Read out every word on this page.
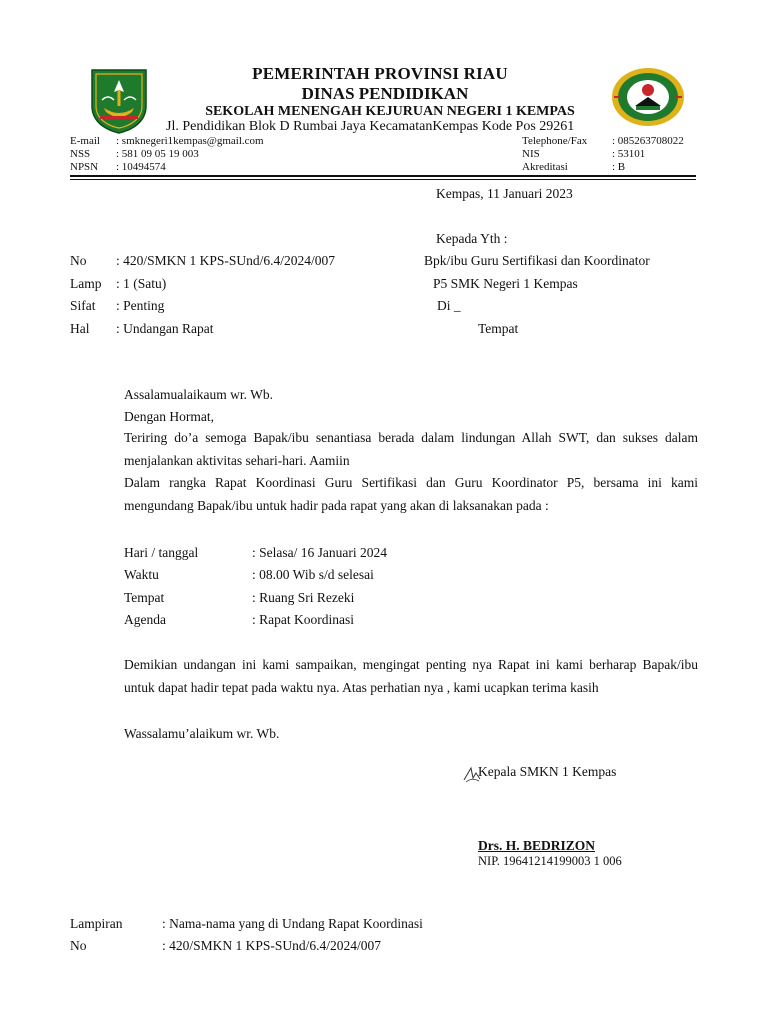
PEMERINTAH PROVINSI RIAU
DINAS PENDIDIKAN
SEKOLAH MENENGAH KEJURUAN NEGERI 1 KEMPAS
Jl. Pendidikan Blok D Rumbai Jaya KecamatanKempas Kode Pos 29261
E-mail : smknegeri1kempas@gmail.com
NSS : 581 09 05 19 003
NPSN : 10494574
Telephone/Fax : 085263708022
NIS	: 53101
Akreditasi	: B
Kempas, 11 Januari 2023
Kepada Yth :
Bpk/ibu Guru Sertifikasi dan Koordinator
P5 SMK Negeri 1 Kempas
Di _
Tempat
No : 420/SMKN 1 KPS-SUnd/6.4/2024/007
Lamp : 1 (Satu)
Sifat : Penting
Hal : Undangan Rapat
Assalamualaikaum wr. Wb.
Dengan Hormat,
Teriring do’a semoga Bapak/ibu senantiasa berada dalam lindungan Allah SWT, dan sukses dalam menjalankan aktivitas sehari-hari. Aamiin
Dalam rangka Rapat Koordinasi Guru Sertifikasi dan Guru Koordinator P5, bersama ini kami mengundang Bapak/ibu untuk hadir pada rapat yang akan di laksanakan pada :
Hari / tanggal	: Selasa/ 16 Januari 2024
Waktu	: 08.00 Wib s/d selesai
Tempat	: Ruang Sri Rezeki
Agenda	: Rapat Koordinasi
Demikian undangan ini kami sampaikan, mengingat penting nya Rapat ini kami berharap Bapak/ibu untuk dapat hadir tepat pada waktu nya. Atas perhatian nya , kami ucapkan terima kasih
Wassalamu’alaikum wr. Wb.
Kepala SMKN 1 Kempas
Drs. H. BEDRIZON
NIP. 19641214199003 1 006
Lampiran	: Nama-nama yang di Undang Rapat Koordinasi
No	: 420/SMKN 1 KPS-SUnd/6.4/2024/007
